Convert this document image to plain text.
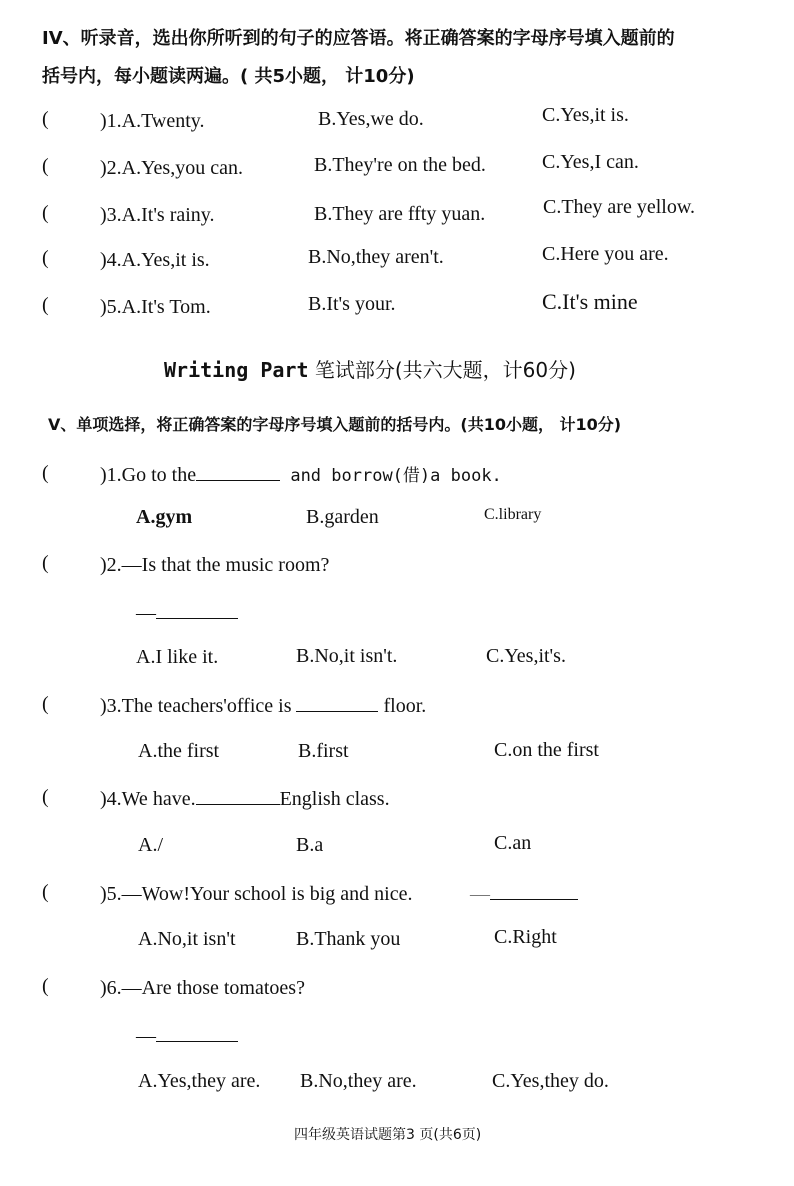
IV、听录音，选出你所听到的句子的应答语。将正确答案的字母序号填入题前的
括号内，每小题读两遍。( 共5小题， 计10分)
(	)1.A.Twenty.	B.Yes,we do.	C.Yes,it is.
(	)2.A.Yes,you can.	B.They're on the bed.	C.Yes,I can.
(	)3.A.It's rainy.	B.They are ffty yuan.	C.They are yellow.
(	)4.A.Yes,it is.	B.No,they aren't.	C.Here you are.
(	)5.A.It's Tom.	B.It's your.	C.It's mine
Writing Part 笔试部分(共六大题，计60分)
V、单项选择，将正确答案的字母序号填入题前的括号内。(共10小题， 计10分)
(	)1.Go to the	and borrow(借)a book.
A.gym	B.garden	C.library
(	)2.—Is that the music room?
—
A.I like it.	B.No,it isn't.	C.Yes,it's.
(	)3.The teachers'office is	floor.
A.the first	B.first	C.on the first
(	)4.We have.	English class.
A./	B.a	C.an
(	)5.—Wow!Your school is big and nice.	—
A.No,it isn't	B.Thank you	C.Right
(	)6.—Are those tomatoes?
—
A.Yes,they are. B.No,they are.	C.Yes,they do.
四年级英语试题第3 页(共6页)
